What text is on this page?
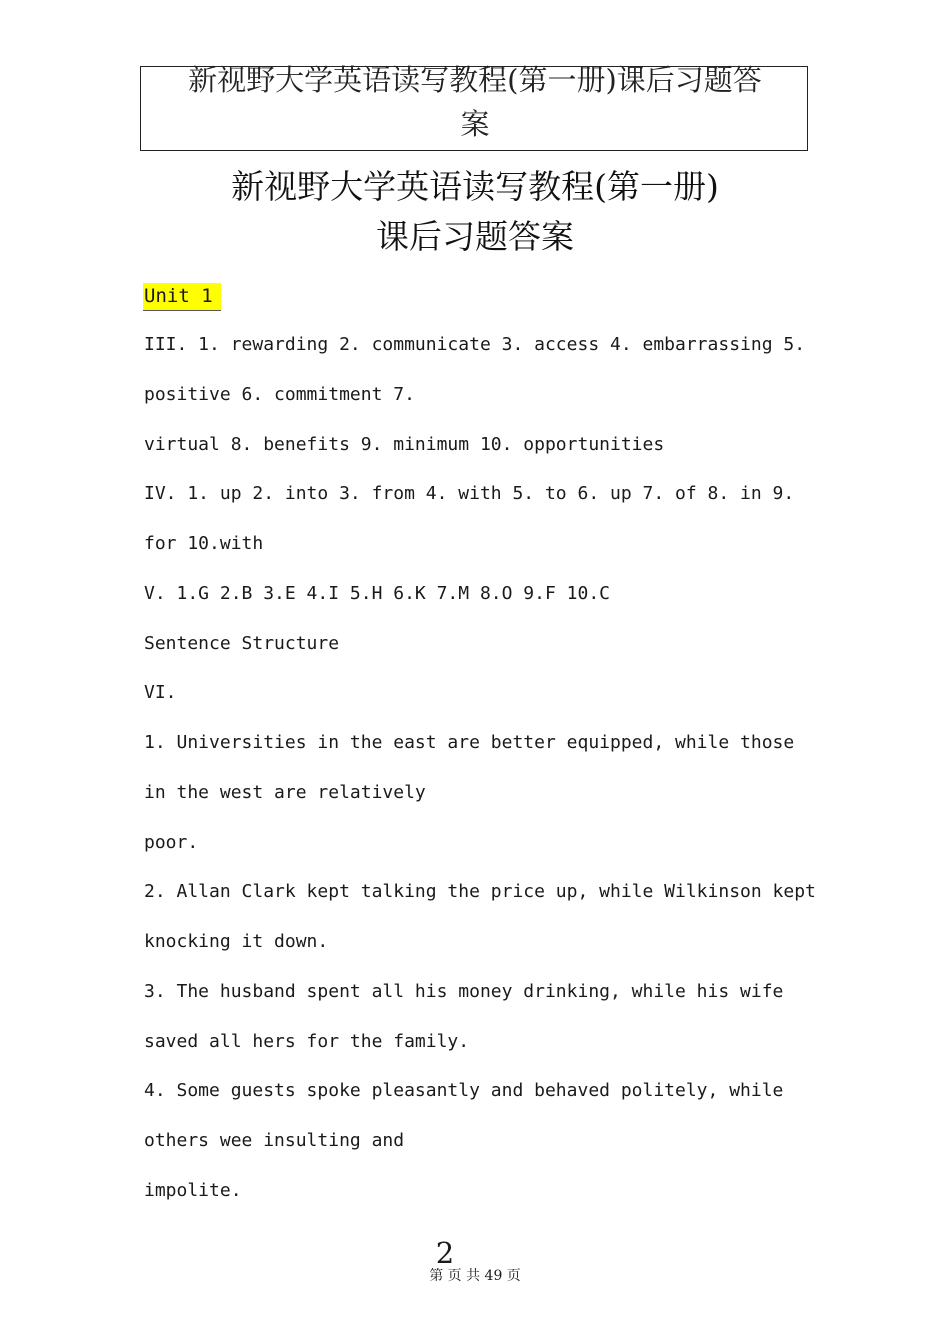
新视野大学英语读写教程(第一册)课后习题答
案
新视野大学英语读写教程(第一册)
课后习题答案
Unit 1
III. 1. rewarding 2. communicate 3. access 4. embarrassing 5.
positive 6. commitment 7.
virtual 8. benefits 9. minimum 10. opportunities
IV. 1. up 2. into 3. from 4. with 5. to 6. up 7. of 8. in 9.
for 10.with
V. 1.G 2.B 3.E 4.I 5.H 6.K 7.M 8.O 9.F 10.C
Sentence Structure
VI.
1. Universities in the east are better equipped, while those
in the west are relatively
poor.
2. Allan Clark kept talking the price up, while Wilkinson kept
knocking it down.
3. The husband spent all his money drinking, while his wife
saved all hers for the family.
4. Some guests spoke pleasantly and behaved politely, while
others wee insulting and
impolite.
2
第 页 共 49 页
